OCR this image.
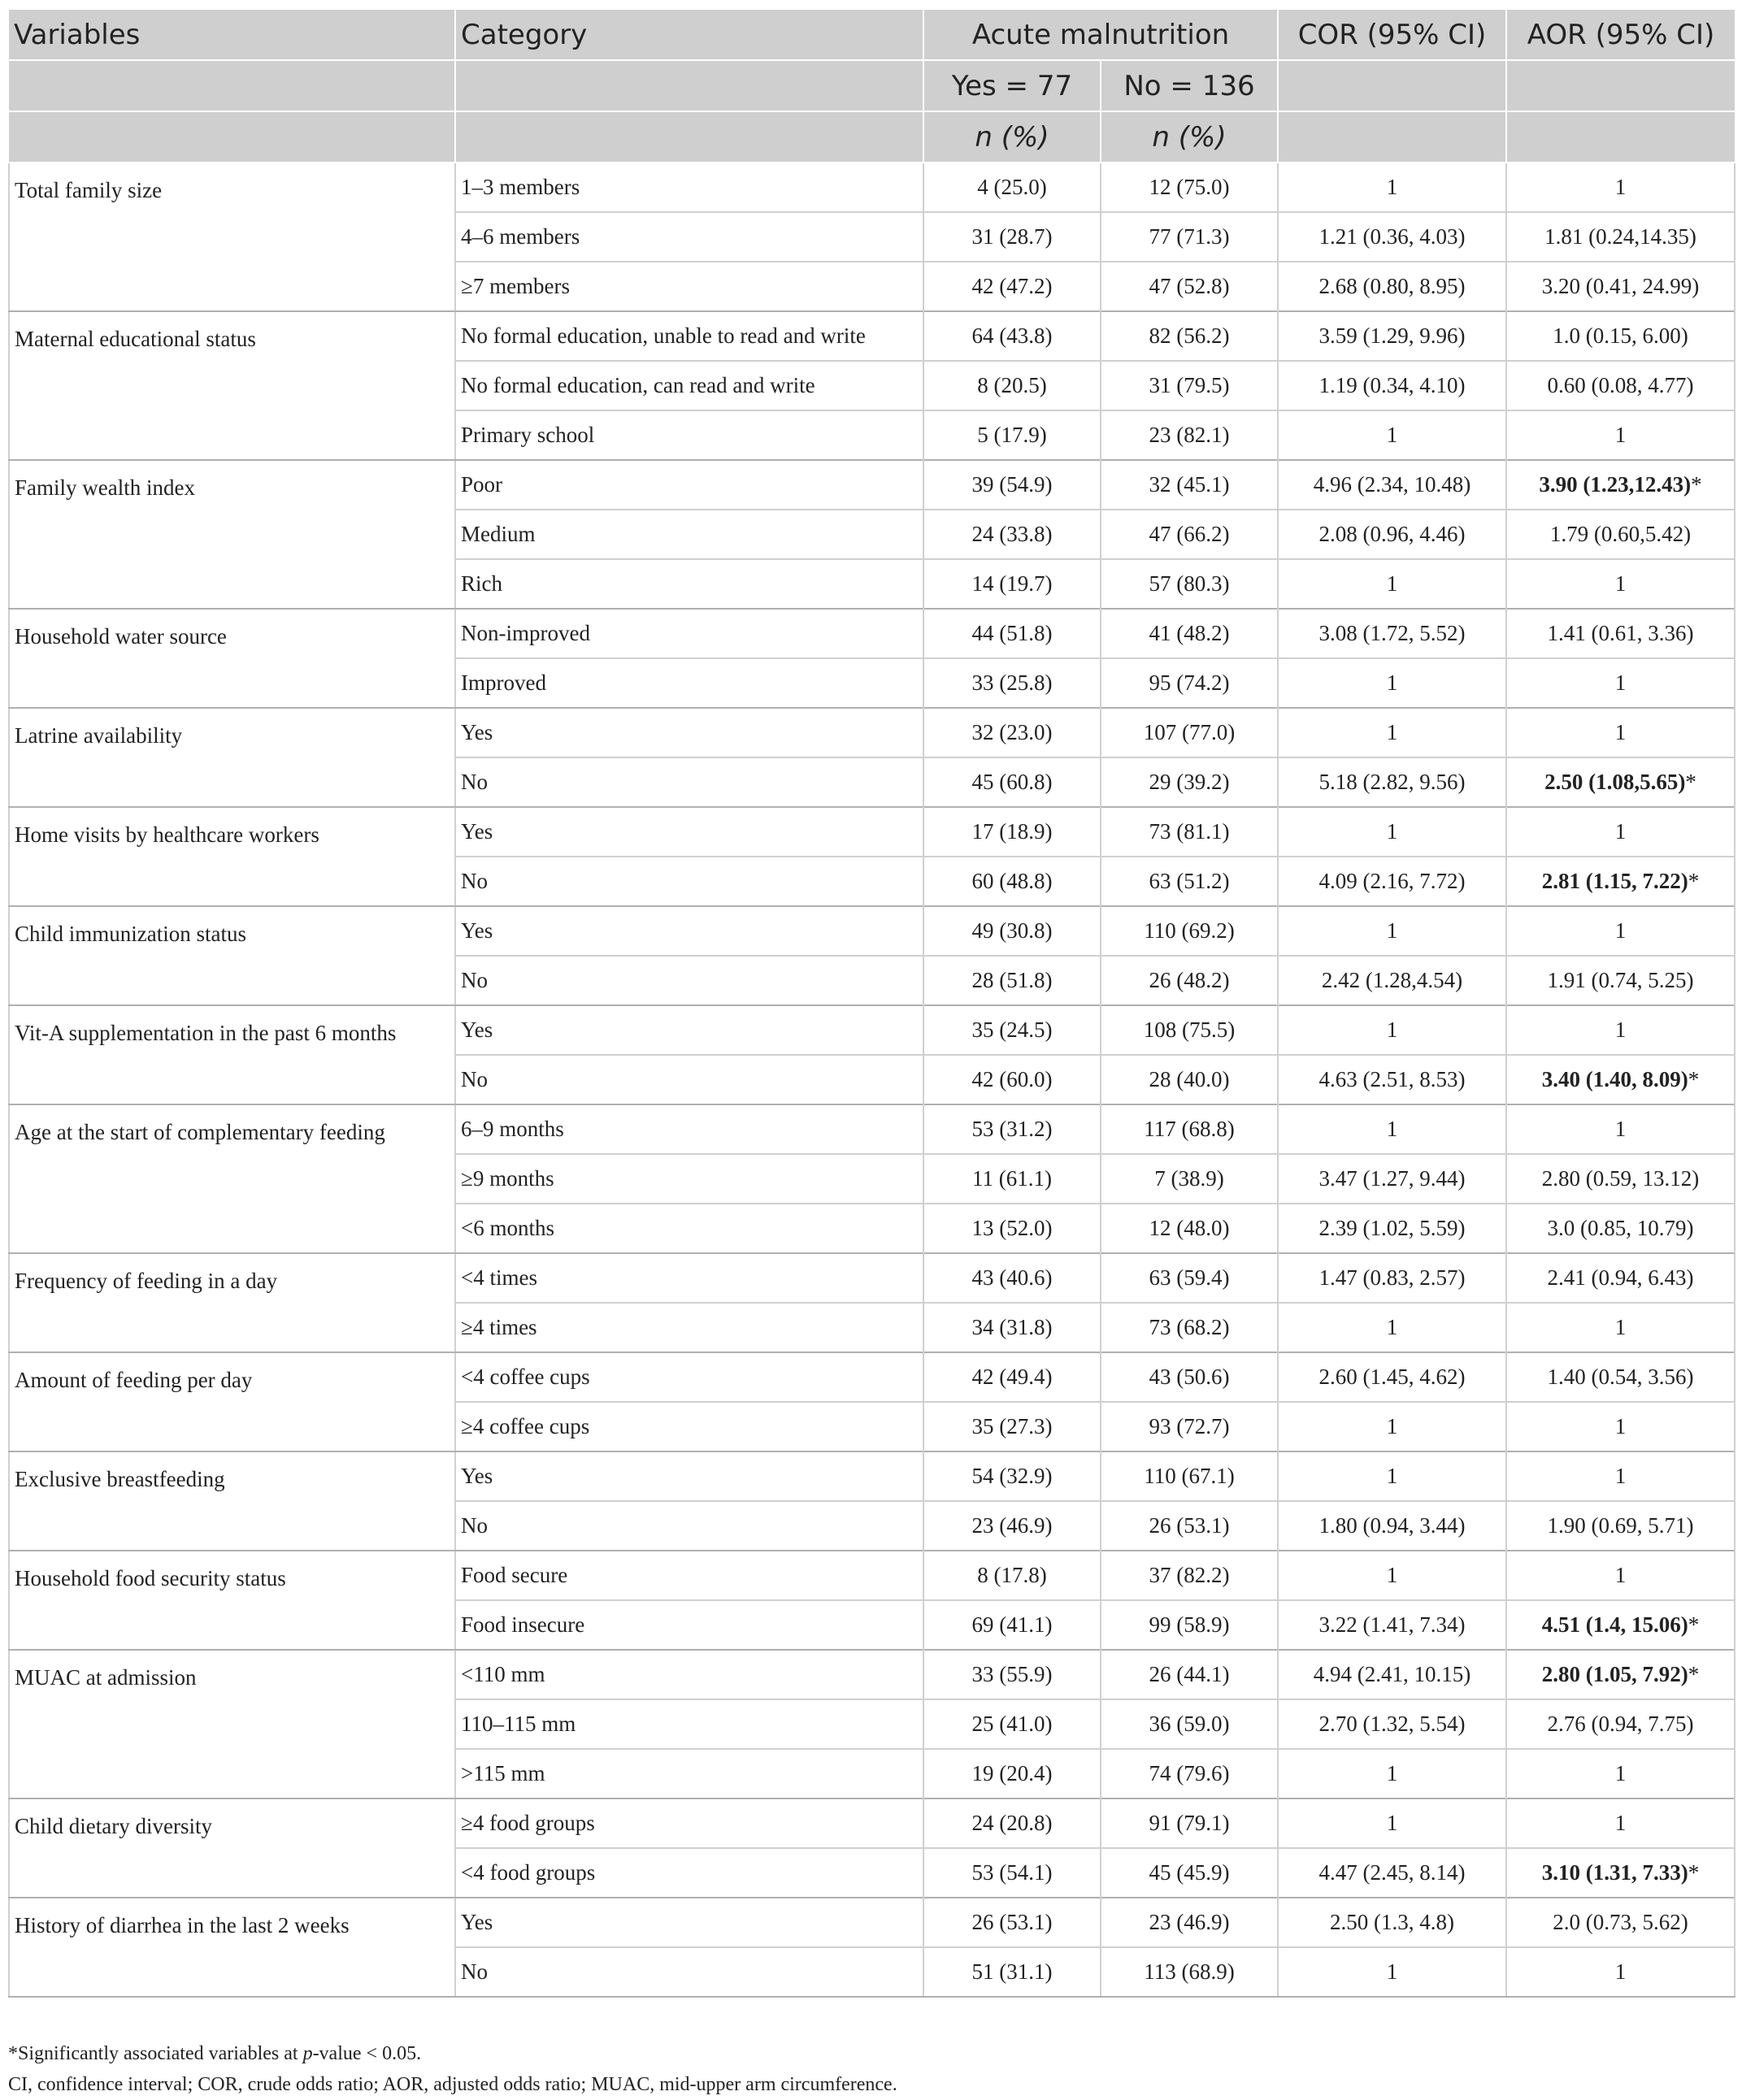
Variables	Category	Acute malnutrition		COR (95% CI)	AOR (95% CI)
		Yes = 77	No = 136		
		n (%)	n (%)		
Total family size	1–3 members	4 (25.0)	12 (75.0)	1	1
	4–6 members	31 (28.7)	77 (71.3)	1.21 (0.36, 4.03)	1.81 (0.24,14.35)
	≥7 members	42 (47.2)	47 (52.8)	2.68 (0.80, 8.95)	3.20 (0.41, 24.99)
Maternal educational status	No formal education, unable to read and write	64 (43.8)	82 (56.2)	3.59 (1.29, 9.96)	1.0 (0.15, 6.00)
	No formal education, can read and write	8 (20.5)	31 (79.5)	1.19 (0.34, 4.10)	0.60 (0.08, 4.77)
	Primary school	5 (17.9)	23 (82.1)	1	1
Family wealth index	Poor	39 (54.9)	32 (45.1)	4.96 (2.34, 10.48)	3.90 (1.23,12.43)*
	Medium	24 (33.8)	47 (66.2)	2.08 (0.96, 4.46)	1.79 (0.60,5.42)
	Rich	14 (19.7)	57 (80.3)	1	1
Household water source	Non-improved	44 (51.8)	41 (48.2)	3.08 (1.72, 5.52)	1.41 (0.61, 3.36)
	Improved	33 (25.8)	95 (74.2)	1	1
Latrine availability	Yes	32 (23.0)	107 (77.0)	1	1
	No	45 (60.8)	29 (39.2)	5.18 (2.82, 9.56)	2.50 (1.08,5.65)*
Home visits by healthcare workers	Yes	17 (18.9)	73 (81.1)	1	1
	No	60 (48.8)	63 (51.2)	4.09 (2.16, 7.72)	2.81 (1.15, 7.22)*
Child immunization status	Yes	49 (30.8)	110 (69.2)	1	1
	No	28 (51.8)	26 (48.2)	2.42 (1.28,4.54)	1.91 (0.74, 5.25)
Vit-A supplementation in the past 6 months	Yes	35 (24.5)	108 (75.5)	1	1
	No	42 (60.0)	28 (40.0)	4.63 (2.51, 8.53)	3.40 (1.40, 8.09)*
Age at the start of complementary feeding	6–9 months	53 (31.2)	117 (68.8)	1	1
	≥9 months	11 (61.1)	7 (38.9)	3.47 (1.27, 9.44)	2.80 (0.59, 13.12)
	<6 months	13 (52.0)	12 (48.0)	2.39 (1.02, 5.59)	3.0 (0.85, 10.79)
Frequency of feeding in a day	<4 times	43 (40.6)	63 (59.4)	1.47 (0.83, 2.57)	2.41 (0.94, 6.43)
	≥4 times	34 (31.8)	73 (68.2)	1	1
Amount of feeding per day	<4 coffee cups	42 (49.4)	43 (50.6)	2.60 (1.45, 4.62)	1.40 (0.54, 3.56)
	≥4 coffee cups	35 (27.3)	93 (72.7)	1	1
Exclusive breastfeeding	Yes	54 (32.9)	110 (67.1)	1	1
	No	23 (46.9)	26 (53.1)	1.80 (0.94, 3.44)	1.90 (0.69, 5.71)
Household food security status	Food secure	8 (17.8)	37 (82.2)	1	1
	Food insecure	69 (41.1)	99 (58.9)	3.22 (1.41, 7.34)	4.51 (1.4, 15.06)*
MUAC at admission	<110 mm	33 (55.9)	26 (44.1)	4.94 (2.41, 10.15)	2.80 (1.05, 7.92)*
	110–115 mm	25 (41.0)	36 (59.0)	2.70 (1.32, 5.54)	2.76 (0.94, 7.75)
	>115 mm	19 (20.4)	74 (79.6)	1	1
Child dietary diversity	≥4 food groups	24 (20.8)	91 (79.1)	1	1
	<4 food groups	53 (54.1)	45 (45.9)	4.47 (2.45, 8.14)	3.10 (1.31, 7.33)*
History of diarrhea in the last 2 weeks	Yes	26 (53.1)	23 (46.9)	2.50 (1.3, 4.8)	2.0 (0.73, 5.62)
	No	51 (31.1)	113 (68.9)	1	1
*Significantly associated variables at p-value < 0.05.
CI, confidence interval; COR, crude odds ratio; AOR, adjusted odds ratio; MUAC, mid-upper arm circumference.
